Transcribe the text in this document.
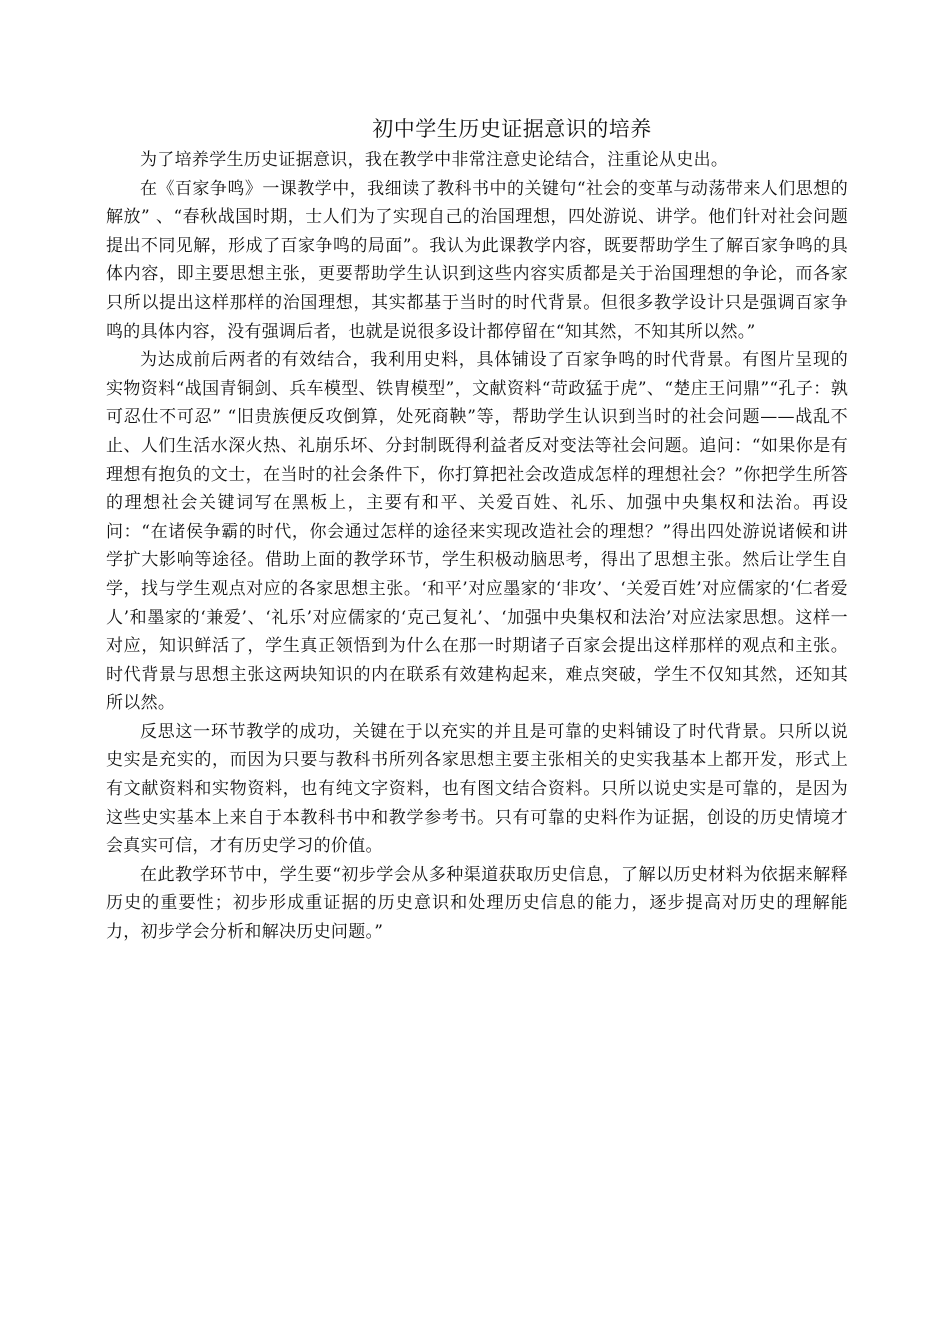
初中学生历史证据意识的培养

为了培养学生历史证据意识，我在教学中非常注意史论结合，注重论从史出。

在《百家争鸣》一课教学中，我细读了教科书中的关键句“社会的变革与动荡带来人们思想的解放” 、“春秋战国时期，士人们为了实现自己的治国理想，四处游说、讲学。他们针对社会问题提出不同见解，形成了百家争鸣的局面”。我认为此课教学内容，既要帮助学生了解百家争鸣的具体内容，即主要思想主张，更要帮助学生认识到这些内容实质都是关于治国理想的争论，而各家只所以提出这样那样的治国理想，其实都基于当时的时代背景。但很多教学设计只是强调百家争鸣的具体内容，没有强调后者，也就是说很多设计都停留在“知其然，不知其所以然。”

为达成前后两者的有效结合，我利用史料，具体铺设了百家争鸣的时代背景。有图片呈现的实物资料“战国青铜剑、兵车模型、铁胄模型”，文献资料“苛政猛于虎”、“楚庄王问鼎”“孔子：孰可忍仕不可忍” “旧贵族便反攻倒算，处死商鞅”等，帮助学生认识到当时的社会问题——战乱不止、人们生活水深火热、礼崩乐坏、分封制既得利益者反对变法等社会问题。追问：“如果你是有理想有抱负的文士，在当时的社会条件下，你打算把社会改造成怎样的理想社会？”你把学生所答的理想社会关键词写在黑板上，主要有和平、关爱百姓、礼乐、加强中央集权和法治。再设问：“在诸侯争霸的时代，你会通过怎样的途径来实现改造社会的理想？”得出四处游说诸候和讲学扩大影响等途径。借助上面的教学环节，学生积极动脑思考，得出了思想主张。然后让学生自学，找与学生观点对应的各家思想主张。‘和平’对应墨家的‘非攻’、‘关爱百姓’对应儒家的‘仁者爱人’和墨家的‘兼爱’、‘礼乐’对应儒家的‘克己复礼’、‘加强中央集权和法治’对应法家思想。这样一对应，知识鲜活了，学生真正领悟到为什么在那一时期诸子百家会提出这样那样的观点和主张。时代背景与思想主张这两块知识的内在联系有效建构起来，难点突破，学生不仅知其然，还知其所以然。

反思这一环节教学的成功，关键在于以充实的并且是可靠的史料铺设了时代背景。只所以说史实是充实的，而因为只要与教科书所列各家思想主要主张相关的史实我基本上都开发，形式上有文献资料和实物资料，也有纯文字资料，也有图文结合资料。只所以说史实是可靠的，是因为这些史实基本上来自于本教科书中和教学参考书。只有可靠的史料作为证据，创设的历史情境才会真实可信，才有历史学习的价值。

在此教学环节中，学生要“初步学会从多种渠道获取历史信息，了解以历史材料为依据来解释历史的重要性；初步形成重证据的历史意识和处理历史信息的能力，逐步提高对历史的理解能力，初步学会分析和解决历史问题。”
